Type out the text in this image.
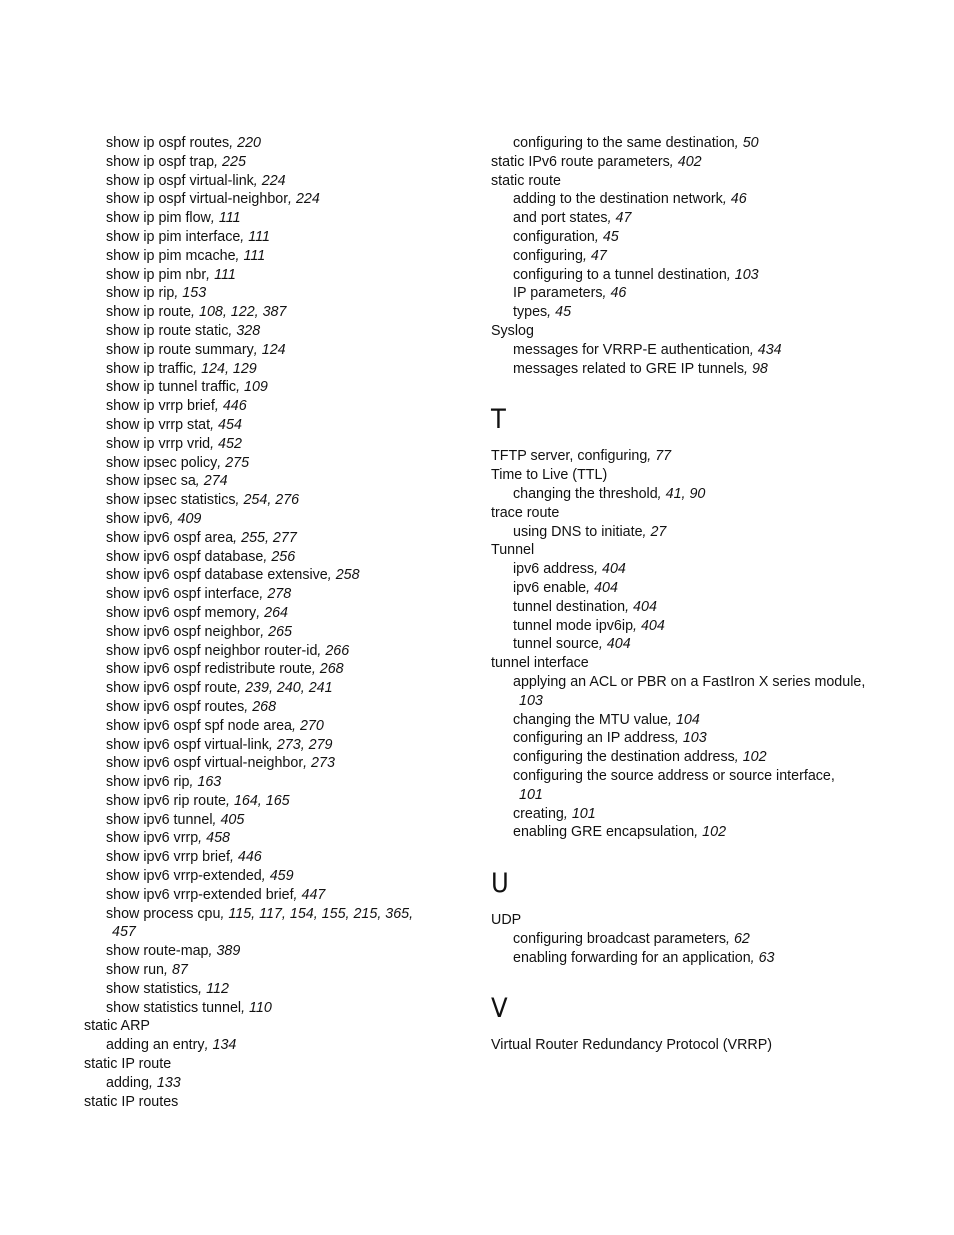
show ip ospf routes, 220
show ip ospf trap, 225
show ip ospf virtual-link, 224
show ip ospf virtual-neighbor, 224
show ip pim flow, 111
show ip pim interface, 111
show ip pim mcache, 111
show ip pim nbr, 111
show ip rip, 153
show ip route, 108, 122, 387
show ip route static, 328
show ip route summary, 124
show ip traffic, 124, 129
show ip tunnel traffic, 109
show ip vrrp brief, 446
show ip vrrp stat, 454
show ip vrrp vrid, 452
show ipsec policy, 275
show ipsec sa, 274
show ipsec statistics, 254, 276
show ipv6, 409
show ipv6 ospf area, 255, 277
show ipv6 ospf database, 256
show ipv6 ospf database extensive, 258
show ipv6 ospf interface, 278
show ipv6 ospf memory, 264
show ipv6 ospf neighbor, 265
show ipv6 ospf neighbor router-id, 266
show ipv6 ospf redistribute route, 268
show ipv6 ospf route, 239, 240, 241
show ipv6 ospf routes, 268
show ipv6 ospf spf node area, 270
show ipv6 ospf virtual-link, 273, 279
show ipv6 ospf virtual-neighbor, 273
show ipv6 rip, 163
show ipv6 rip route, 164, 165
show ipv6 tunnel, 405
show ipv6 vrrp, 458
show ipv6 vrrp brief, 446
show ipv6 vrrp-extended, 459
show ipv6 vrrp-extended brief, 447
show process cpu, 115, 117, 154, 155, 215, 365,
457
show route-map, 389
show run, 87
show statistics, 112
show statistics tunnel, 110
static ARP
adding an entry, 134
static IP route
adding, 133
static IP routes
configuring to the same destination, 50
static IPv6 route parameters, 402
static route
adding to the destination network, 46
and port states, 47
configuration, 45
configuring, 47
configuring to a tunnel destination, 103
IP parameters, 46
types, 45
Syslog
messages for VRRP-E authentication, 434
messages related to GRE IP tunnels, 98
T
TFTP server, configuring, 77
Time to Live (TTL)
changing the threshold, 41, 90
trace route
using DNS to initiate, 27
Tunnel
ipv6 address, 404
ipv6 enable, 404
tunnel destination, 404
tunnel mode ipv6ip, 404
tunnel source, 404
tunnel interface
applying an ACL or PBR on a FastIron X series module,
103
changing the MTU value, 104
configuring an IP address, 103
configuring the destination address, 102
configuring the source address or source interface,
101
creating, 101
enabling GRE encapsulation, 102
U
UDP
configuring broadcast parameters, 62
enabling forwarding for an application, 63
V
Virtual Router Redundancy Protocol (VRRP)
